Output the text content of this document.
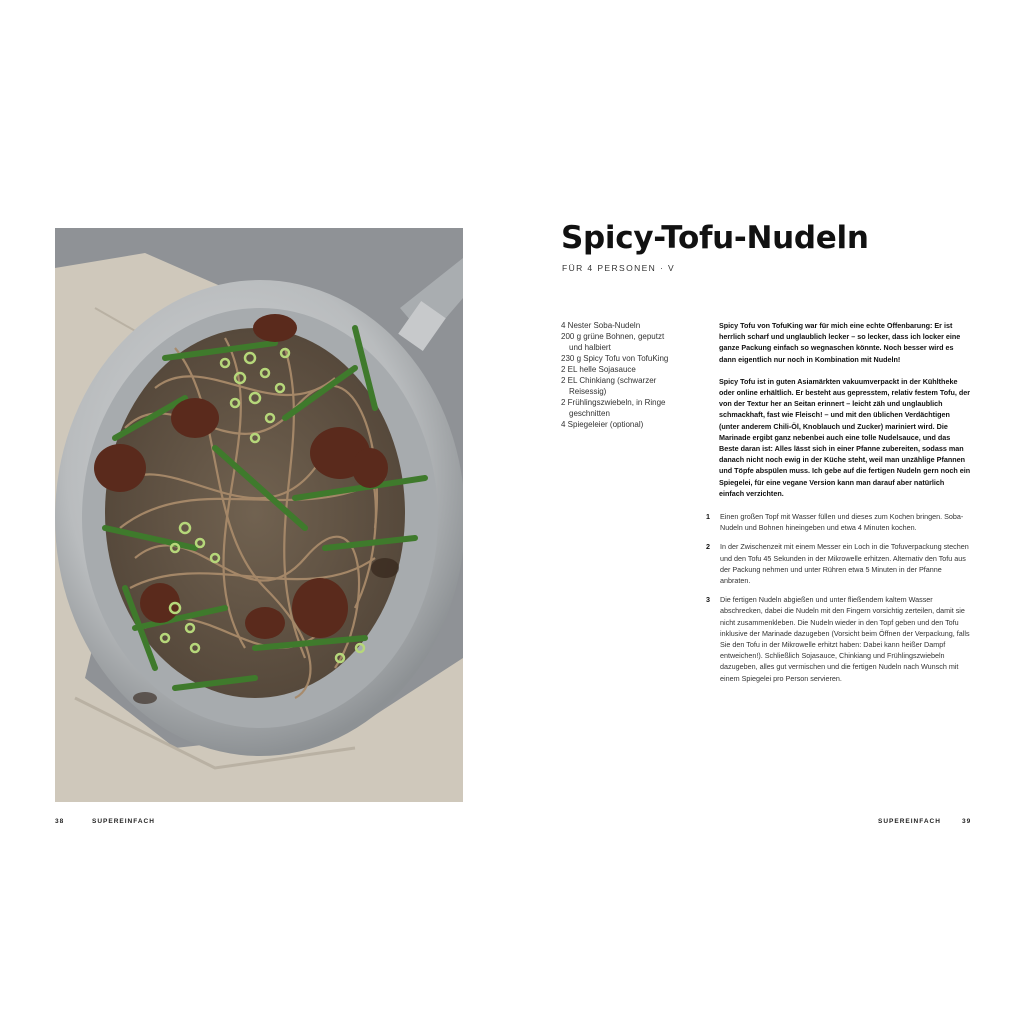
Spicy-Tofu-Nudeln
FÜR 4 PERSONEN · V
4 Nester Soba-Nudeln
200 g grüne Bohnen, geputzt und halbiert
230 g Spicy Tofu von TofuKing
2 EL helle Sojasauce
2 EL Chinkiang (schwarzer Reisessig)
2 Frühlingszwiebeln, in Ringe geschnitten
4 Spiegeleier (optional)

Spicy Tofu von TofuKing war für mich eine echte Offenbarung: Er ist herrlich scharf und unglaublich lecker – so lecker, dass ich locker eine ganze Packung einfach so wegnaschen könnte. Noch besser wird es dann eigentlich nur noch in Kombination mit Nudeln!

Spicy Tofu ist in guten Asiamärkten vakuumverpackt in der Kühltheke oder online erhältlich. Er besteht aus gepresstem, relativ festem Tofu, der von der Textur her an Seitan erinnert – leicht zäh und unglaublich schmackhaft, fast wie Fleisch! – und mit den üblichen Verdächtigen (unter anderem Chili-Öl, Knoblauch und Zucker) mariniert wird. Die Marinade ergibt ganz nebenbei auch eine tolle Nudelsauce, und das Beste daran ist: Alles lässt sich in einer Pfanne zubereiten, sodass man danach nicht noch ewig in der Küche steht, weil man unzählige Pfannen und Töpfe abspülen muss. Ich gebe auf die fertigen Nudeln gern noch ein Spiegelei, für eine vegane Version kann man darauf aber natürlich einfach verzichten.

1 Einen großen Topf mit Wasser füllen und dieses zum Kochen bringen. Soba-Nudeln und Bohnen hineingeben und etwa 4 Minuten kochen.
2 In der Zwischenzeit mit einem Messer ein Loch in die Tofuverpackung stechen und den Tofu 45 Sekunden in der Mikrowelle erhitzen. Alternativ den Tofu aus der Packung nehmen und unter Rühren etwa 5 Minuten in der Pfanne anbraten.
3 Die fertigen Nudeln abgießen und unter fließendem kaltem Wasser abschrecken, dabei die Nudeln mit den Fingern vorsichtig zerteilen, damit sie nicht zusammenkleben. Die Nudeln wieder in den Topf geben und den Tofu inklusive der Marinade dazugeben (Vorsicht beim Öffnen der Verpackung, falls Sie den Tofu in der Mikrowelle erhitzt haben: Dabei kann heißer Dampf entweichen!). Schließlich Sojasauce, Chinkiang und Frühlingszwiebeln dazugeben, alles gut vermischen und die fertigen Nudeln nach Wunsch mit einem Spiegelei pro Person servieren.
38	SUPEREINFACH	SUPEREINFACH	39
